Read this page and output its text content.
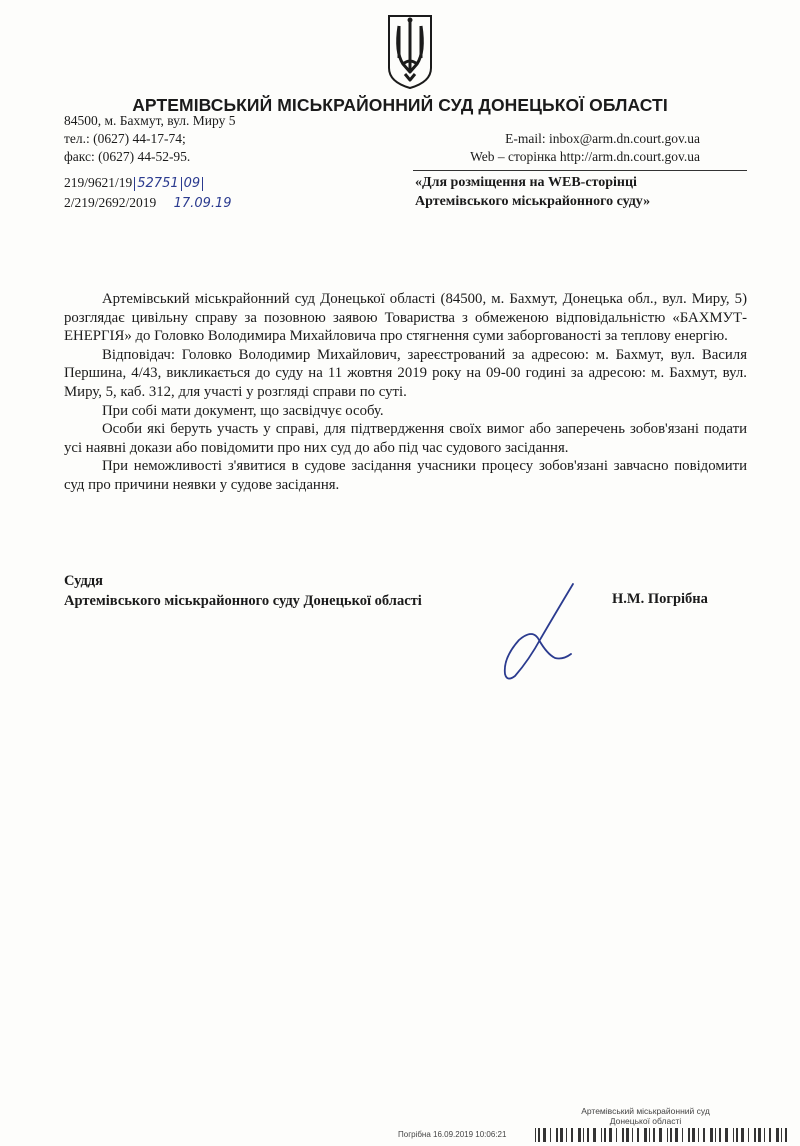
АРТЕМІВСЬКИЙ МІСЬКРАЙОННИЙ СУД ДОНЕЦЬКОЇ ОБЛАСТІ
84500, м. Бахмут, вул. Миру 5
тел.: (0627) 44-17-74;
факс: (0627) 44-52-95.
E-mail: inbox@arm.dn.court.gov.ua
Web – сторінка http://arm.dn.court.gov.ua
219/9621/19 52751 09
2/219/2692/2019 17.09.19
«Для розміщення на WEB-сторінці
Артемівського міськрайонного суду»

Артемівський міськрайонний суд Донецької області (84500, м. Бахмут, Донецька обл., вул. Миру, 5) розглядає цивільну справу за позовною заявою Товариства з обмеженою відповідальністю «БАХМУТ-ЕНЕРГІЯ» до Головко Володимира Михайловича про стягнення суми заборгованості за теплову енергію.

Відповідач: Головко Володимир Михайлович, зареєстрований за адресою: м. Бахмут, вул. Василя Першина, 4/43, викликається до суду на 11 жовтня 2019 року на 09-00 годині за адресою: м. Бахмут, вул. Миру, 5, каб. 312, для участі у розгляді справи по суті.

При собі мати документ, що засвідчує особу.

Особи які беруть участь у справі, для підтвердження своїх вимог або заперечень зобов'язані подати усі наявні докази або повідомити про них суд до або під час судового засідання.

При неможливості з'явитися в судове засідання учасники процесу зобов'язані завчасно повідомити суд про причини неявки у судове засідання.

Суддя
Артемівського міськрайонного суду Донецької області	Н.М. Погрібна
Артемівський міськрайонний суд
Донецької області
Погрібна 16.09.2019 10:06:21
